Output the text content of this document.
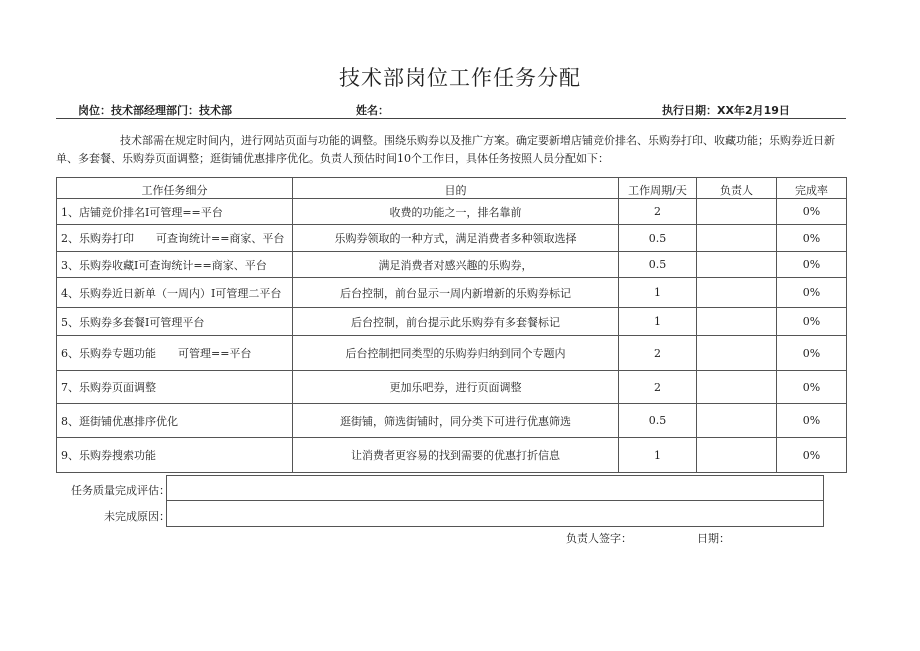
技术部岗位工作任务分配
岗位：技术部经理部门：技术部	姓名：	执行日期：XX年2月19日
技术部需在规定时间内，进行网站页面与功能的调整。围绕乐购券以及推广方案。确定要新增店铺竞价排名、乐购券打印、收藏功能；乐购券近日新单、多套餐、乐购券页面调整；逛街铺优惠排序优化。负责人预估时间10个工作日，具体任务按照人员分配如下：
工作任务细分	目的	工作周期/天	负责人	完成率
1、店铺竞价排名I可管理==平台	收费的功能之一，排名靠前	2		0%
2、乐购券打印　　可查询统计==商家、平台	乐购券领取的一种方式，满足消费者多种领取选择	0.5		0%
3、乐购券收藏I可查询统计==商家、平台	满足消费者对感兴趣的乐购券，	0.5		0%
4、乐购券近日新单（一周内）I可管理二平台	后台控制，前台显示一周内新增新的乐购券标记	1		0%
5、乐购券多套餐I可管理平台	后台控制，前台提示此乐购券有多套餐标记	1		0%
6、乐购券专题功能　　可管理==平台	后台控制把同类型的乐购券归纳到同个专题内	2		0%
7、乐购券页面调整	更加乐吧券，进行页面调整	2		0%
8、逛街铺优惠排序优化	逛街铺，筛选街铺时，同分类下可进行优惠筛选	0.5		0%
9、乐购券搜索功能	让消费者更容易的找到需要的优惠打折信息	1		0%
任务质量完成评估：
未完成原因：
负责人签字：	日期：
